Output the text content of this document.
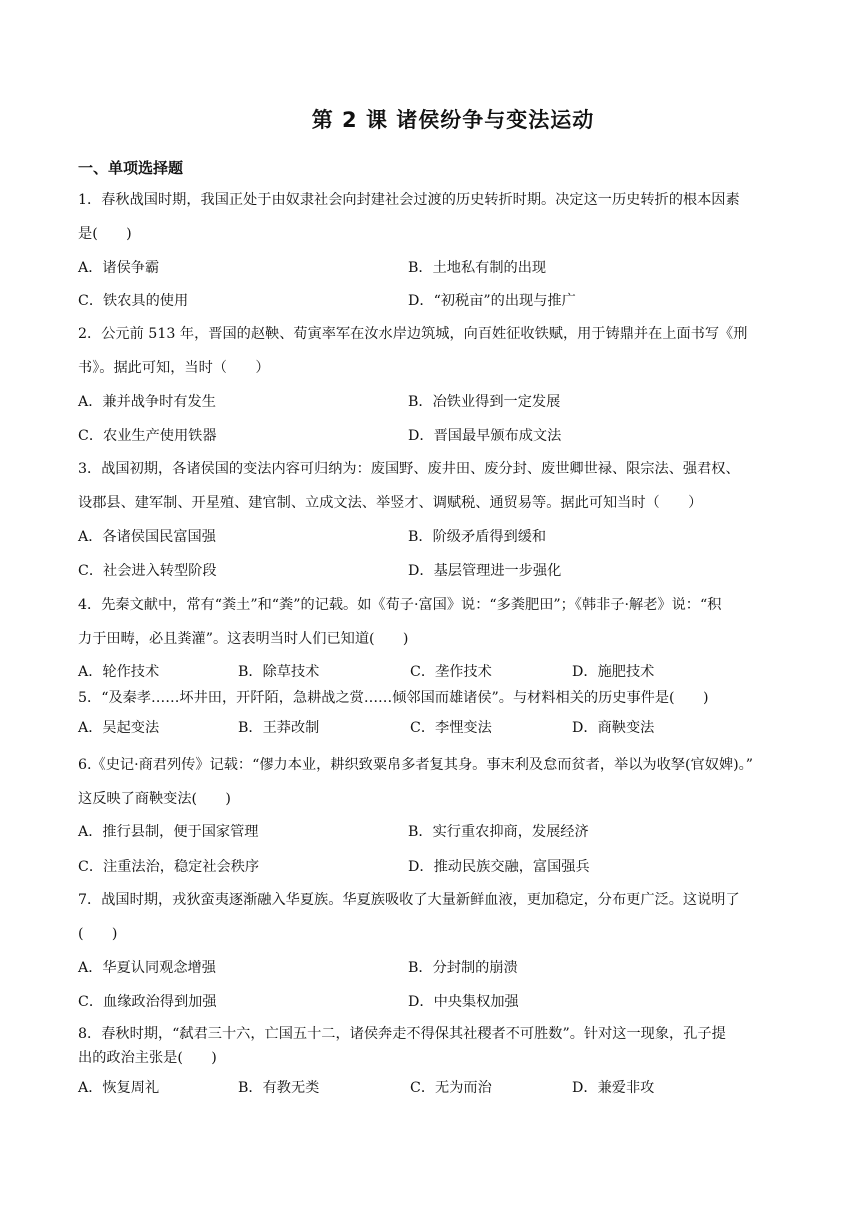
第 2 课 诸侯纷争与变法运动
一、单项选择题
1．春秋战国时期，我国正处于由奴隶社会向封建社会过渡的历史转折时期。决定这一历史转折的根本因素
是(　　)
A．诸侯争霸	B．土地私有制的出现
C．铁农具的使用	D．“初税亩”的出现与推广
2．公元前 513 年，晋国的赵鞅、荀寅率军在汝水岸边筑城，向百姓征收铁赋，用于铸鼎并在上面书写《刑
书》。据此可知，当时（　　）
A．兼并战争时有发生	B．冶铁业得到一定发展
C．农业生产使用铁器	D．晋国最早颁布成文法
3．战国初期，各诸侯国的变法内容可归纳为：废国野、废井田、废分封、废世卿世禄、限宗法、强君权、
设郡县、建军制、开星殖、建官制、立成文法、举竖才、调赋税、通贸易等。据此可知当时（　　）
A．各诸侯国民富国强	B．阶级矛盾得到缓和
C．社会进入转型阶段	D．基层管理进一步强化
4．先秦文献中，常有“粪土”和“粪”的记载。如《荀子·富国》说：“多粪肥田”；《韩非子·解老》说：“积
力于田畴，必且粪灌”。这表明当时人们已知道(　　)
A．轮作技术	B．除草技术	C．垄作技术	D．施肥技术
5．“及秦孝……坏井田，开阡陌，急耕战之赏……倾邻国而雄诸侯”。与材料相关的历史事件是(　　)
A．吴起变法	B．王莽改制	C．李悝变法	D．商鞅变法
6.《史记·商君列传》记载：“僇力本业，耕织致粟帛多者复其身。事末利及怠而贫者，举以为收孥(官奴婢)。”
这反映了商鞅变法(　　)
A．推行县制，便于国家管理	B．实行重农抑商，发展经济
C．注重法治，稳定社会秩序	D．推动民族交融，富国强兵
7．战国时期，戎狄蛮夷逐渐融入华夏族。华夏族吸收了大量新鲜血液，更加稳定，分布更广泛。这说明了
(　　)
A．华夏认同观念增强	B．分封制的崩溃
C．血缘政治得到加强	D．中央集权加强
8．春秋时期，“弑君三十六，亡国五十二，诸侯奔走不得保其社稷者不可胜数”。针对这一现象，孔子提
出的政治主张是(　　)
A．恢复周礼	B．有教无类	C．无为而治	D．兼爱非攻
